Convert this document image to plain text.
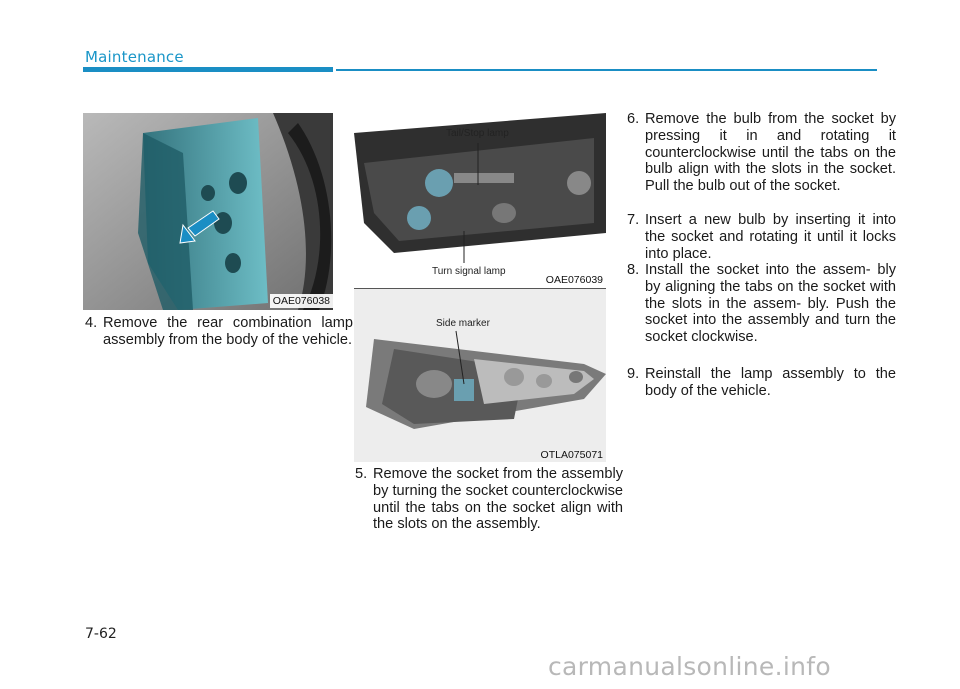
Maintenance
OAE076038
Tail/Stop lamp
Turn signal lamp
OAE076039
Side marker
OTLA075071
4. Remove the rear combination lamp assembly from the body of the vehicle.
5. Remove the socket from the assembly by turning the socket counterclockwise until the tabs on the socket align with the slots on the assembly.
6. Remove the bulb from the socket by pressing it in and rotating it counterclockwise until the tabs on the bulb align with the slots in the socket. Pull the bulb out of the socket.
7. Insert a new bulb by inserting it into the socket and rotating it until it locks into place.
8. Install the socket into the assem- bly by aligning the tabs on the socket with the slots in the assem- bly. Push the socket into the assembly and turn the socket clockwise.
9. Reinstall the lamp assembly to the body of the vehicle.
7-62
carmanualsonline.info
